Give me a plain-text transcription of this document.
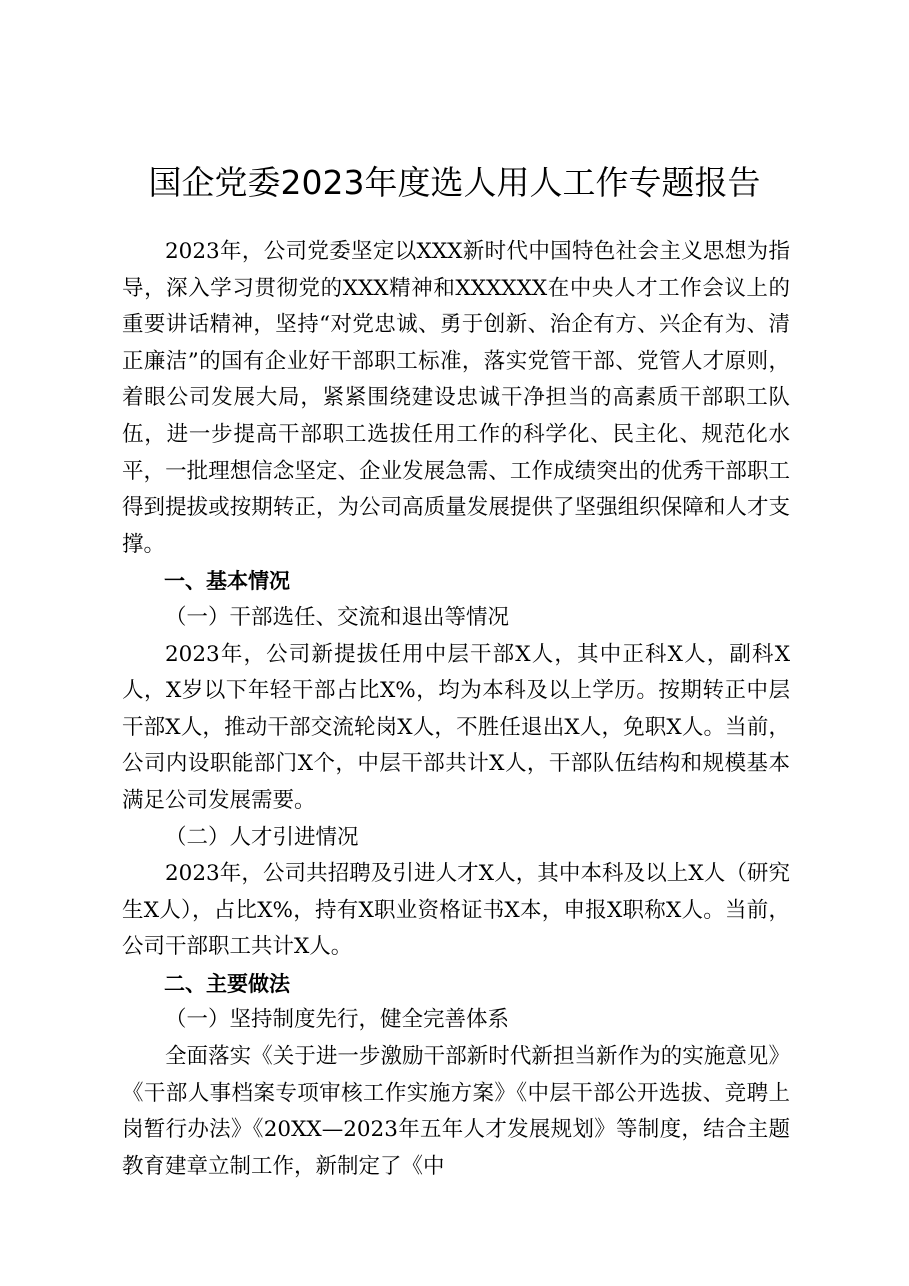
国企党委2023年度选人用人工作专题报告

2023年，公司党委坚定以XXX新时代中国特色社会主义思想为指导，深入学习贯彻党的XXX精神和XXXXXX在中央人才工作会议上的重要讲话精神，坚持“对党忠诚、勇于创新、治企有方、兴企有为、清正廉洁”的国有企业好干部职工标准，落实党管干部、党管人才原则，着眼公司发展大局，紧紧围绕建设忠诚干净担当的高素质干部职工队伍，进一步提高干部职工选拔任用工作的科学化、民主化、规范化水平，一批理想信念坚定、企业发展急需、工作成绩突出的优秀干部职工得到提拔或按期转正，为公司高质量发展提供了坚强组织保障和人才支撑。

一、基本情况

（一）干部选任、交流和退出等情况

2023年，公司新提拔任用中层干部X人，其中正科X人，副科X人，X岁以下年轻干部占比X%，均为本科及以上学历。按期转正中层干部X人，推动干部交流轮岗X人，不胜任退出X人，免职X人。当前，公司内设职能部门X个，中层干部共计X人，干部队伍结构和规模基本满足公司发展需要。

（二）人才引进情况

2023年，公司共招聘及引进人才X人，其中本科及以上X人（研究生X人），占比X%，持有X职业资格证书X本，申报X职称X人。当前，公司干部职工共计X人。

二、主要做法

（一）坚持制度先行，健全完善体系

全面落实《关于进一步激励干部新时代新担当新作为的实施意见》《干部人事档案专项审核工作实施方案》《中层干部公开选拔、竞聘上岗暂行办法》《20XX—2023年五年人才发展规划》等制度，结合主题教育建章立制工作，新制定了《中
